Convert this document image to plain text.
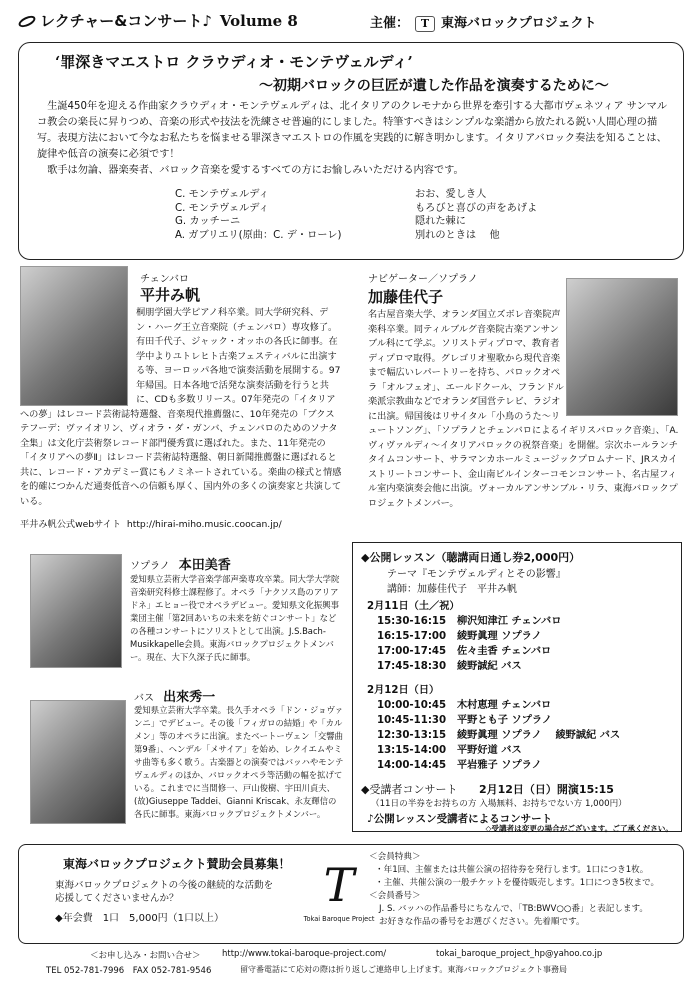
レクチャー&コンサート♪ Volume 8	主催： T 東海バロックプロジェクト
‘罪深きマエストロ クラウディオ・モンテヴェルディ’
～初期バロックの巨匠が遺した作品を演奏するために～

生誕450年を迎える作曲家クラウディオ・モンテヴェルディは、北イタリアのクレモナから世界を牽引する大都市ヴェネツィア サンマルコ教会の楽長に昇りつめ、音楽の形式や技法を洗練させ普遍的にしました。特筆すべきはシンプルな楽譜から放たれる鋭い人間心理の描写。表現方法において今なお私たちを悩ませる罪深きマエストロの作風を実践的に解き明かします。イタリアバロック奏法を知ることは、旋律や低音の演奏に必須です！

歌手は勿論、器楽奏者、バロック音楽を愛するすべての方にお愉しみいただける内容です。

C. モンテヴェルディ	おお、愛しき人
C. モンテヴェルディ	もろびと喜びの声をあげよ
G. カッチーニ	隠れた棘に
A. ガブリエリ(原曲：C. デ・ローレ)	別れのときは　 他
チェンバロ
平井み帆
桐朋学園大学ピアノ科卒業。同大学研究科、デン・ハーグ王立音楽院（チェンバロ）専攻修了。有田千代子、ジャック・オッホの各氏に師事。在学中よりユトレヒト古楽フェスティバルに出演する等、ヨーロッパ各地で演奏活動を展開する。97年帰国。日本各地で活発な演奏活動を行うと共に、CDも多数リリース。07年発売の「イタリアへの夢」はレコード芸術誌特選盤、音楽現代推薦盤に、10年発売の「ブクステフーデ：ヴァイオリン、ヴィオラ・ダ・ガンバ、チェンバロのためのソナタ全集」は文化庁芸術祭レコード部門優秀賞に選ばれた。また、11年発売の「イタリアへの夢Ⅱ」はレコード芸術誌特選盤、朝日新聞推薦盤に選ばれると共に、レコード・アカデミー賞にもノミネートされている。楽曲の様式と情感を的確につかんだ通奏低音への信頼も厚く、国内外の多くの演奏家と共演している。
平井み帆公式webサイト http://hirai-miho.music.coocan.jp/
ナビゲーター／ソプラノ
加藤佳代子
名古屋音楽大学、オランダ国立ズボレ音楽院声楽科卒業。同ティルブルグ音楽院古楽アンサンブル科にて学ぶ。ソリストディプロマ、教育者ディプロマ取得。グレゴリオ聖歌から現代音楽まで幅広いレパートリーを持ち、バロックオペラ「オルフェオ」、エールドクール、フランドル楽派宗教曲などでオランダ国営テレビ、ラジオに出演。帰国後はリサイタル「小鳥のうた～リュートソング」、「ソプラノとチェンバロによるイギリスバロック音楽」、「A.ヴィヴァルディ～イタリアバロックの祝祭音楽」を開催。宗次ホールランチタイムコンサート、サラマンカホールミュージックプロムナード、JRスカイストリートコンサート、金山南ビルインターコモンコンサート、名古屋フィル室内楽演奏会他に出演。ヴォーカルアンサンブル・リラ、東海バロックプロジェクトメンバー。
ソプラノ 本田美香
愛知県立芸術大学音楽学部声楽専攻卒業。同大学大学院音楽研究科修士課程修了。オペラ「ナクソス島のアリアドネ」エヒョー役でオペラデビュー。愛知県文化振興事業団主催「第2回あいちの未来を紡ぐコンサート」などの各種コンサートにソリストとして出演。J.S.Bach-Musikkapelle会員。東海バロックプロジェクトメンバー。現在、大下久深子氏に師事。
バス 出來秀一
愛知県立芸術大学卒業。長久手オペラ「ドン・ジョヴァンニ」でデビュー。その後「フィガロの結婚」や「カルメン」等のオペラに出演。またベートーヴェン「交響曲第9番」、ヘンデル「メサイア」を始め、レクイエムやミサ曲等も多く歌う。古楽器との演奏ではバッハやモンテヴェルディのほか、バロックオペラ等活動の幅を拡げている。これまでに当間修一、戸山俊樹、宇田川貞夫、(故)Giuseppe Taddei、Gianni Kriscak、永友輝信の各氏に師事。東海バロックプロジェクトメンバー。
◆公開レッスン（聴講両日通し券2,000円）
テーマ『モンテヴェルディとその影響』
講師：加藤佳代子　平井み帆
2月11日（土／祝）
15:30-16:15	柳沢知津江 チェンバロ
16:15-17:00	綾野眞理 ソプラノ
17:00-17:45	佐々圭香 チェンバロ
17:45-18:30	綾野誠紀 バス
2月12日（日）
10:00-10:45	木村恵理 チェンバロ
10:45-11:30	平野とも子 ソプラノ
12:30-13:15	綾野眞理 ソプラノ　 綾野誠紀 バス
13:15-14:00	平野好道 バス
14:00-14:45	平岩雅子 ソプラノ
◆受講者コンサート 2月12日（日）開演15:15
（11日の半券をお持ちの方 入場無料、お持ちでない方 1,000円）
♪公開レッスン受講者によるコンサート
◇受講者は変更の場合がございます。ご了承ください。
東海バロックプロジェクト賛助会員募集！
東海バロックプロジェクトの今後の継続的な活動を
応援してくださいませんか？
◆年会費　1口　5,000円（1口以上）
T
Tokai Baroque Project
＜会員特典＞
・年1回、主催または共催公演の招待券を発行します。1口につき1枚。
・主催、共催公演の一般チケットを優待販売します。1口につき5枚まで。
＜会員番号＞
J. S. バッハの作品番号にちなんで、「TB:BWV○○番」と表記します。
お好きな作品の番号をお選びください。先着順です。
＜お申し込み・お問い合せ＞	http://www.tokai-baroque-project.com/	tokai_baroque_project_hp@yahoo.co.jp
TEL 052-781-7996　FAX 052-781-9546	留守番電話にて応対の際は折り返しご連絡申し上げます。東海バロックプロジェクト事務局
